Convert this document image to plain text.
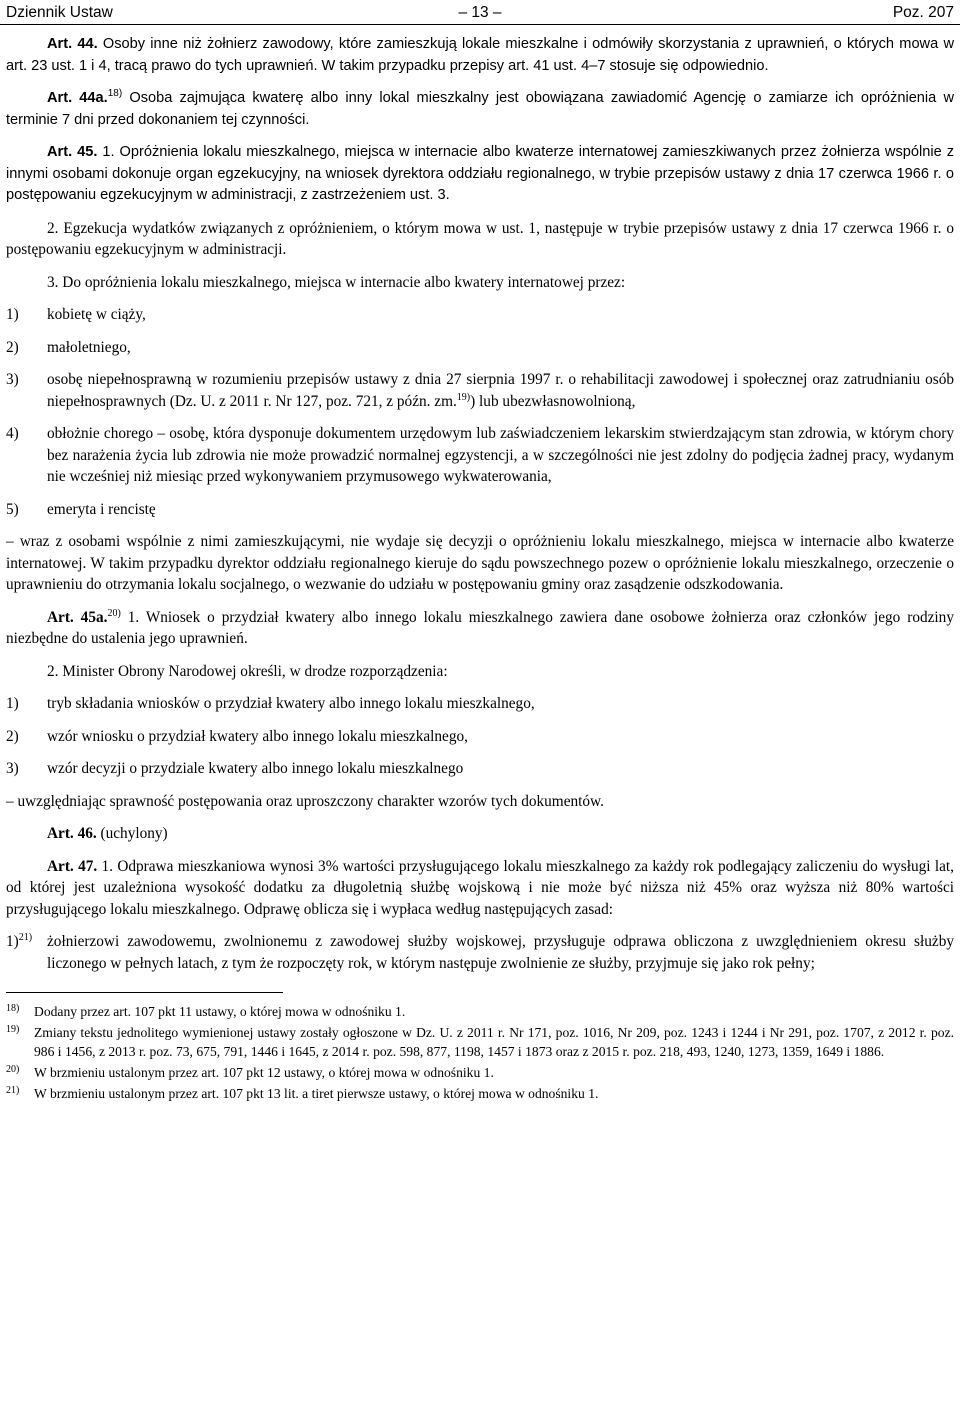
Dziennik Ustaw	– 13 –	Poz. 207

Art. 44. Osoby inne niż żołnierz zawodowy, które zamieszkują lokale mieszkalne i odmówiły skorzystania z uprawnień, o których mowa w art. 23 ust. 1 i 4, tracą prawo do tych uprawnień. W takim przypadku przepisy art. 41 ust. 4–7 stosuje się odpowiednio.

Art. 44a.$^{18)}$ Osoba zajmująca kwaterę albo inny lokal mieszkalny jest obowiązana zawiadomić Agencję o zamiarze ich opróżnienia w terminie 7 dni przed dokonaniem tej czynności.

Art. 45. 1. Opróżnienia lokalu mieszkalnego, miejsca w internacie albo kwaterze internatowej zamieszkiwanych przez żołnierza wspólnie z innymi osobami dokonuje organ egzekucyjny, na wniosek dyrektora oddziału regionalnego, w trybie przepisów ustawy z dnia 17 czerwca 1966 r. o postępowaniu egzekucyjnym w administracji, z zastrzeżeniem ust. 3.

2. Egzekucja wydatków związanych z opróżnieniem, o którym mowa w ust. 1, następuje w trybie przepisów ustawy z dnia 17 czerwca 1966 r. o postępowaniu egzekucyjnym w administracji.

3. Do opróżnienia lokalu mieszkalnego, miejsca w internacie albo kwatery internatowej przez:

1) kobietę w ciąży,
2) małoletniego,
3) osobę niepełnosprawną w rozumieniu przepisów ustawy z dnia 27 sierpnia 1997 r. o rehabilitacji zawodowej i społecznej oraz zatrudnianiu osób niepełnosprawnych (Dz. U. z 2011 r. Nr 127, poz. 721, z późn. zm.$^{19)}$) lub ubezwłasnowolnioną,
4) obłożnie chorego – osobę, która dysponuje dokumentem urzędowym lub zaświadczeniem lekarskim stwierdzającym stan zdrowia, w którym chory bez narażenia życia lub zdrowia nie może prowadzić normalnej egzystencji, a w szczególności nie jest zdolny do podjęcia żadnej pracy, wydanym nie wcześniej niż miesiąc przed wykonywaniem przymusowego wykwaterowania,
5) emeryta i rencistę

– wraz z osobami wspólnie z nimi zamieszkującymi, nie wydaje się decyzji o opróżnieniu lokalu mieszkalnego, miejsca w internacie albo kwaterze internatowej. W takim przypadku dyrektor oddziału regionalnego kieruje do sądu powszechnego pozew o opróżnienie lokalu mieszkalnego, orzeczenie o uprawnieniu do otrzymania lokalu socjalnego, o wezwanie do udziału w postępowaniu gminy oraz zasądzenie odszkodowania.

Art. 45a.$^{20)}$ 1. Wniosek o przydział kwatery albo innego lokalu mieszkalnego zawiera dane osobowe żołnierza oraz członków jego rodziny niezbędne do ustalenia jego uprawnień.

2. Minister Obrony Narodowej określi, w drodze rozporządzenia:

1) tryb składania wniosków o przydział kwatery albo innego lokalu mieszkalnego,
2) wzór wniosku o przydział kwatery albo innego lokalu mieszkalnego,
3) wzór decyzji o przydziale kwatery albo innego lokalu mieszkalnego

– uwzględniając sprawność postępowania oraz uproszczony charakter wzorów tych dokumentów.

Art. 46. (uchylony)

Art. 47. 1. Odprawa mieszkaniowa wynosi 3% wartości przysługującego lokalu mieszkalnego za każdy rok podlegający zaliczeniu do wysługi lat, od której jest uzależniona wysokość dodatku za długoletnią służbę wojskową i nie może być niższa niż 45% oraz wyższa niż 80% wartości przysługującego lokalu mieszkalnego. Odprawę oblicza się i wypłaca według następujących zasad:

1)$^{21)}$ żołnierzowi zawodowemu, zwolnionemu z zawodowej służby wojskowej, przysługuje odprawa obliczona z uwzględnieniem okresu służby liczonego w pełnych latach, z tym że rozpoczęty rok, w którym następuje zwolnienie ze służby, przyjmuje się jako rok pełny;
18) Dodany przez art. 107 pkt 11 ustawy, o której mowa w odnośniku 1.
19) Zmiany tekstu jednolitego wymienionej ustawy zostały ogłoszone w Dz. U. z 2011 r. Nr 171, poz. 1016, Nr 209, poz. 1243 i 1244 i Nr 291, poz. 1707, z 2012 r. poz. 986 i 1456, z 2013 r. poz. 73, 675, 791, 1446 i 1645, z 2014 r. poz. 598, 877, 1198, 1457 i 1873 oraz z 2015 r. poz. 218, 493, 1240, 1273, 1359, 1649 i 1886.
20) W brzmieniu ustalonym przez art. 107 pkt 12 ustawy, o której mowa w odnośniku 1.
21) W brzmieniu ustalonym przez art. 107 pkt 13 lit. a tiret pierwsze ustawy, o której mowa w odnośniku 1.
